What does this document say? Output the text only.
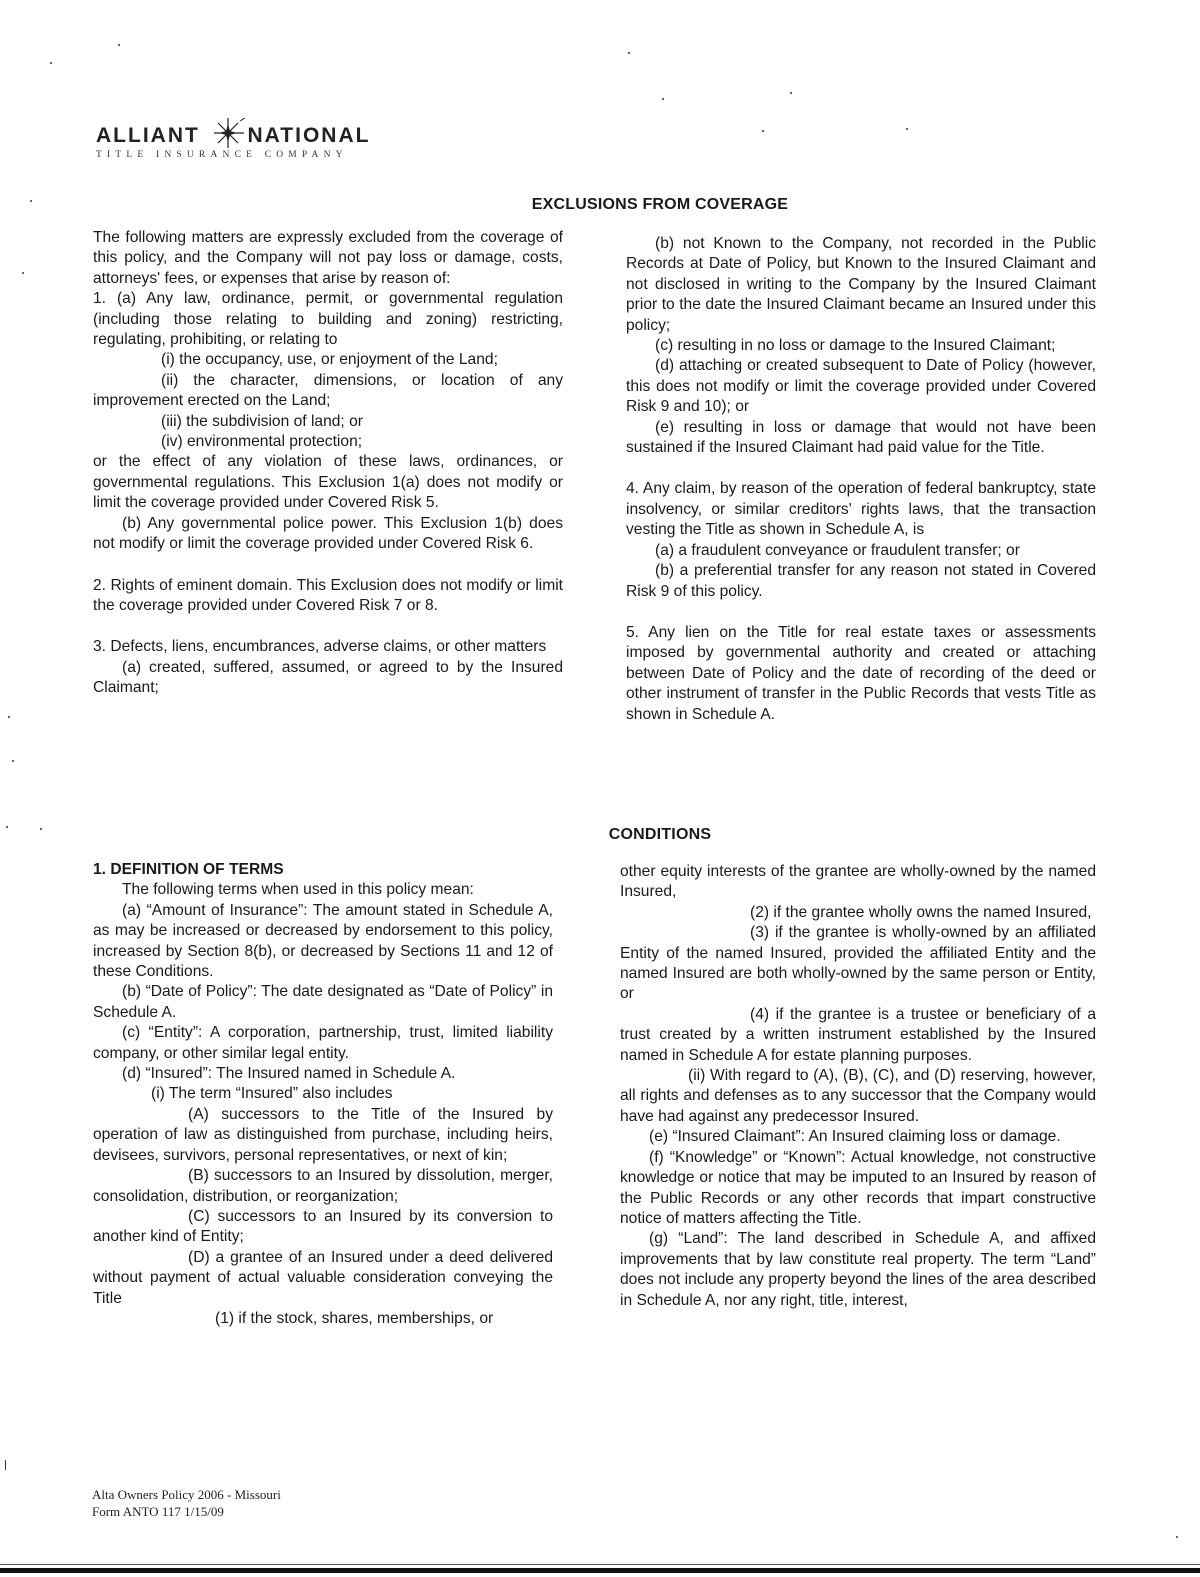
ALLIANT NATIONAL
TITLE INSURANCE COMPANY
EXCLUSIONS FROM COVERAGE

The following matters are expressly excluded from the coverage of this policy, and the Company will not pay loss or damage, costs, attorneys' fees, or expenses that arise by reason of:

1. (a) Any law, ordinance, permit, or governmental regulation (including those relating to building and zoning) restricting, regulating, prohibiting, or relating to

(i) the occupancy, use, or enjoyment of the Land;

(ii) the character, dimensions, or location of any improvement erected on the Land;

(iii) the subdivision of land; or

(iv) environmental protection;

or the effect of any violation of these laws, ordinances, or governmental regulations. This Exclusion 1(a) does not modify or limit the coverage provided under Covered Risk 5.

(b) Any governmental police power. This Exclusion 1(b) does not modify or limit the coverage provided under Covered Risk 6.

2. Rights of eminent domain. This Exclusion does not modify or limit the coverage provided under Covered Risk 7 or 8.

3. Defects, liens, encumbrances, adverse claims, or other matters

(a) created, suffered, assumed, or agreed to by the Insured Claimant;

(b) not Known to the Company, not recorded in the Public Records at Date of Policy, but Known to the Insured Claimant and not disclosed in writing to the Company by the Insured Claimant prior to the date the Insured Claimant became an Insured under this policy;

(c) resulting in no loss or damage to the Insured Claimant;

(d) attaching or created subsequent to Date of Policy (however, this does not modify or limit the coverage provided under Covered Risk 9 and 10); or

(e) resulting in loss or damage that would not have been sustained if the Insured Claimant had paid value for the Title.

4. Any claim, by reason of the operation of federal bankruptcy, state insolvency, or similar creditors' rights laws, that the transaction vesting the Title as shown in Schedule A, is

(a) a fraudulent conveyance or fraudulent transfer; or

(b) a preferential transfer for any reason not stated in Covered Risk 9 of this policy.

5. Any lien on the Title for real estate taxes or assessments imposed by governmental authority and created or attaching between Date of Policy and the date of recording of the deed or other instrument of transfer in the Public Records that vests Title as shown in Schedule A.

CONDITIONS

1. DEFINITION OF TERMS

The following terms when used in this policy mean:

(a) “Amount of Insurance”: The amount stated in Schedule A, as may be increased or decreased by endorsement to this policy, increased by Section 8(b), or decreased by Sections 11 and 12 of these Conditions.

(b) “Date of Policy”: The date designated as “Date of Policy” in Schedule A.

(c) “Entity”: A corporation, partnership, trust, limited liability company, or other similar legal entity.

(d) “Insured”: The Insured named in Schedule A.

(i) The term “Insured” also includes

(A) successors to the Title of the Insured by operation of law as distinguished from purchase, including heirs, devisees, survivors, personal representatives, or next of kin;

(B) successors to an Insured by dissolution, merger, consolidation, distribution, or reorganization;

(C) successors to an Insured by its conversion to another kind of Entity;

(D) a grantee of an Insured under a deed delivered without payment of actual valuable consideration conveying the Title

(1) if the stock, shares, memberships, or

other equity interests of the grantee are wholly-owned by the named Insured,

(2) if the grantee wholly owns the named Insured,

(3) if the grantee is wholly-owned by an affiliated Entity of the named Insured, provided the affiliated Entity and the named Insured are both wholly-owned by the same person or Entity, or

(4) if the grantee is a trustee or beneficiary of a trust created by a written instrument established by the Insured named in Schedule A for estate planning purposes.

(ii) With regard to (A), (B), (C), and (D) reserving, however, all rights and defenses as to any successor that the Company would have had against any predecessor Insured.

(e) “Insured Claimant”: An Insured claiming loss or damage.

(f) “Knowledge” or “Known”: Actual knowledge, not constructive knowledge or notice that may be imputed to an Insured by reason of the Public Records or any other records that impart constructive notice of matters affecting the Title.

(g) “Land”: The land described in Schedule A, and affixed improvements that by law constitute real property. The term “Land” does not include any property beyond the lines of the area described in Schedule A, nor any right, title, interest,

Alta Owners Policy 2006 - Missouri
Form ANTO 117 1/15/09
